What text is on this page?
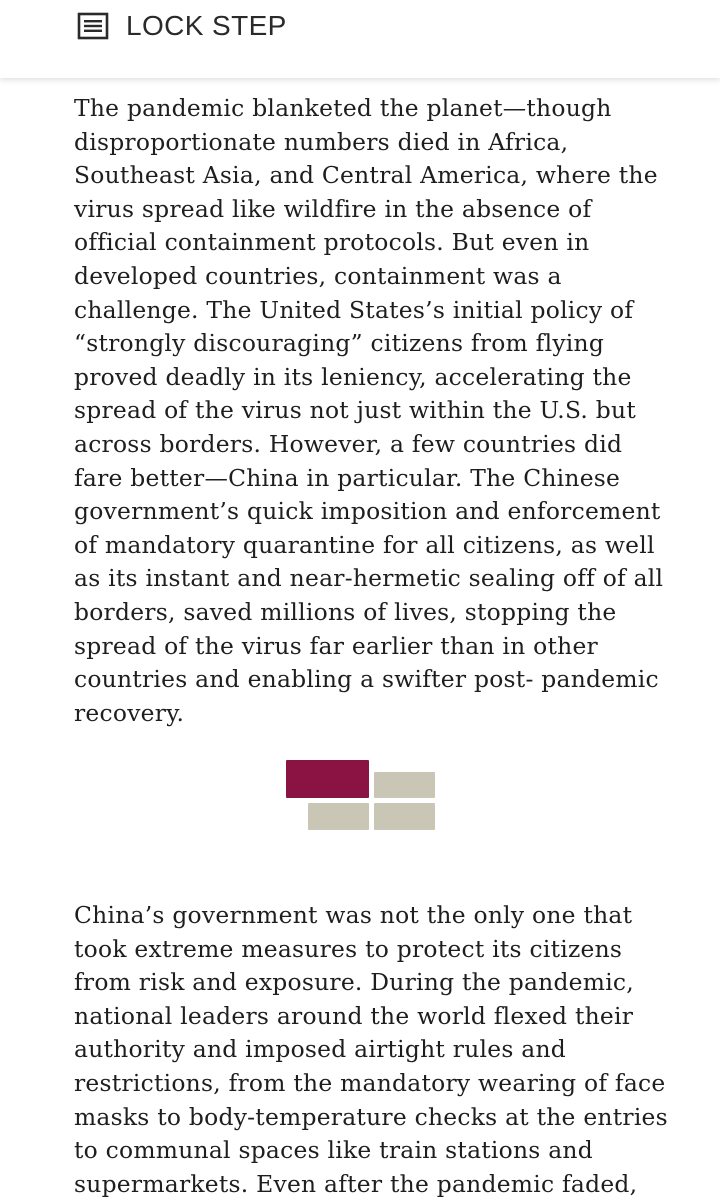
LOCK STEP

The pandemic blanketed the planet—though disproportionate numbers died in Africa, Southeast Asia, and Central America, where the virus spread like wildfire in the absence of official containment protocols. But even in developed countries, containment was a challenge. The United States’s initial policy of “strongly discouraging” citizens from flying proved deadly in its leniency, accelerating the spread of the virus not just within the U.S. but across borders. However, a few countries did fare better—China in particular. The Chinese government’s quick imposition and enforcement of mandatory quarantine for all citizens, as well as its instant and near-hermetic sealing off of all borders, saved millions of lives, stopping the spread of the virus far earlier than in other countries and enabling a swifter post- pandemic recovery.

China’s government was not the only one that took extreme measures to protect its citizens from risk and exposure. During the pandemic, national leaders around the world flexed their authority and imposed airtight rules and restrictions, from the mandatory wearing of face masks to body-temperature checks at the entries to communal spaces like train stations and supermarkets. Even after the pandemic faded,
